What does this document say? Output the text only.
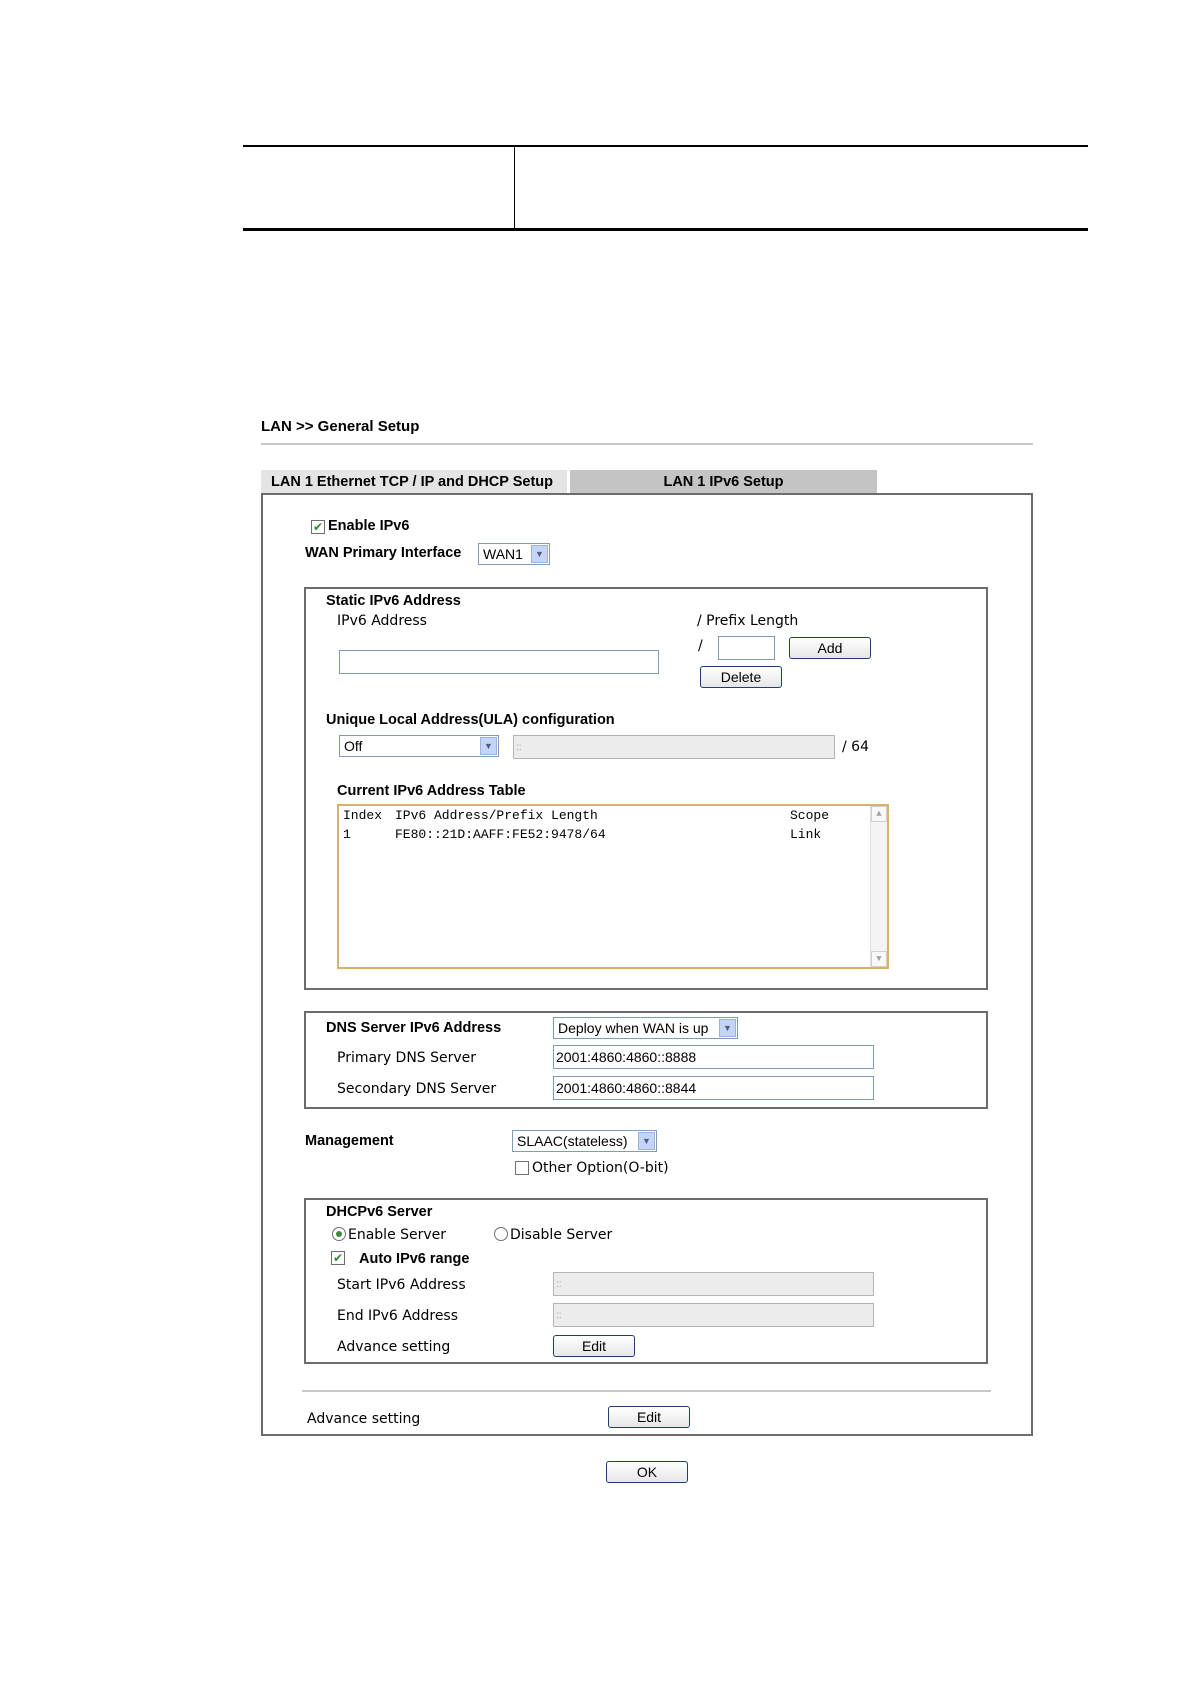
LAN >> General Setup
LAN 1 Ethernet TCP / IP and DHCP Setup	LAN 1 IPv6 Setup
✔ Enable IPv6
WAN Primary Interface WAN1	▼
Static IPv6 Address
IPv6 Address	/ Prefix Length
/	Add
Delete
Unique Local Address(ULA) configuration
Off	▼	::	/ 64
Current IPv6 Address Table
Index IPv6 Address/Prefix Length	Scope
1	FE80::21D:AAFF:FE52:9478/64	Link
▲
▼
DNS Server IPv6 Address	Deploy when WAN is up	▼
Primary DNS Server	2001:4860:4860::8888
Secondary DNS Server	2001:4860:4860::8844
Management	SLAAC(stateless)	▼
Other Option(O-bit)
DHCPv6 Server
Enable Server	Disable Server
✔ Auto IPv6 range
Start IPv6 Address	::
End IPv6 Address	::
Advance setting	Edit
Advance setting	Edit
OK
